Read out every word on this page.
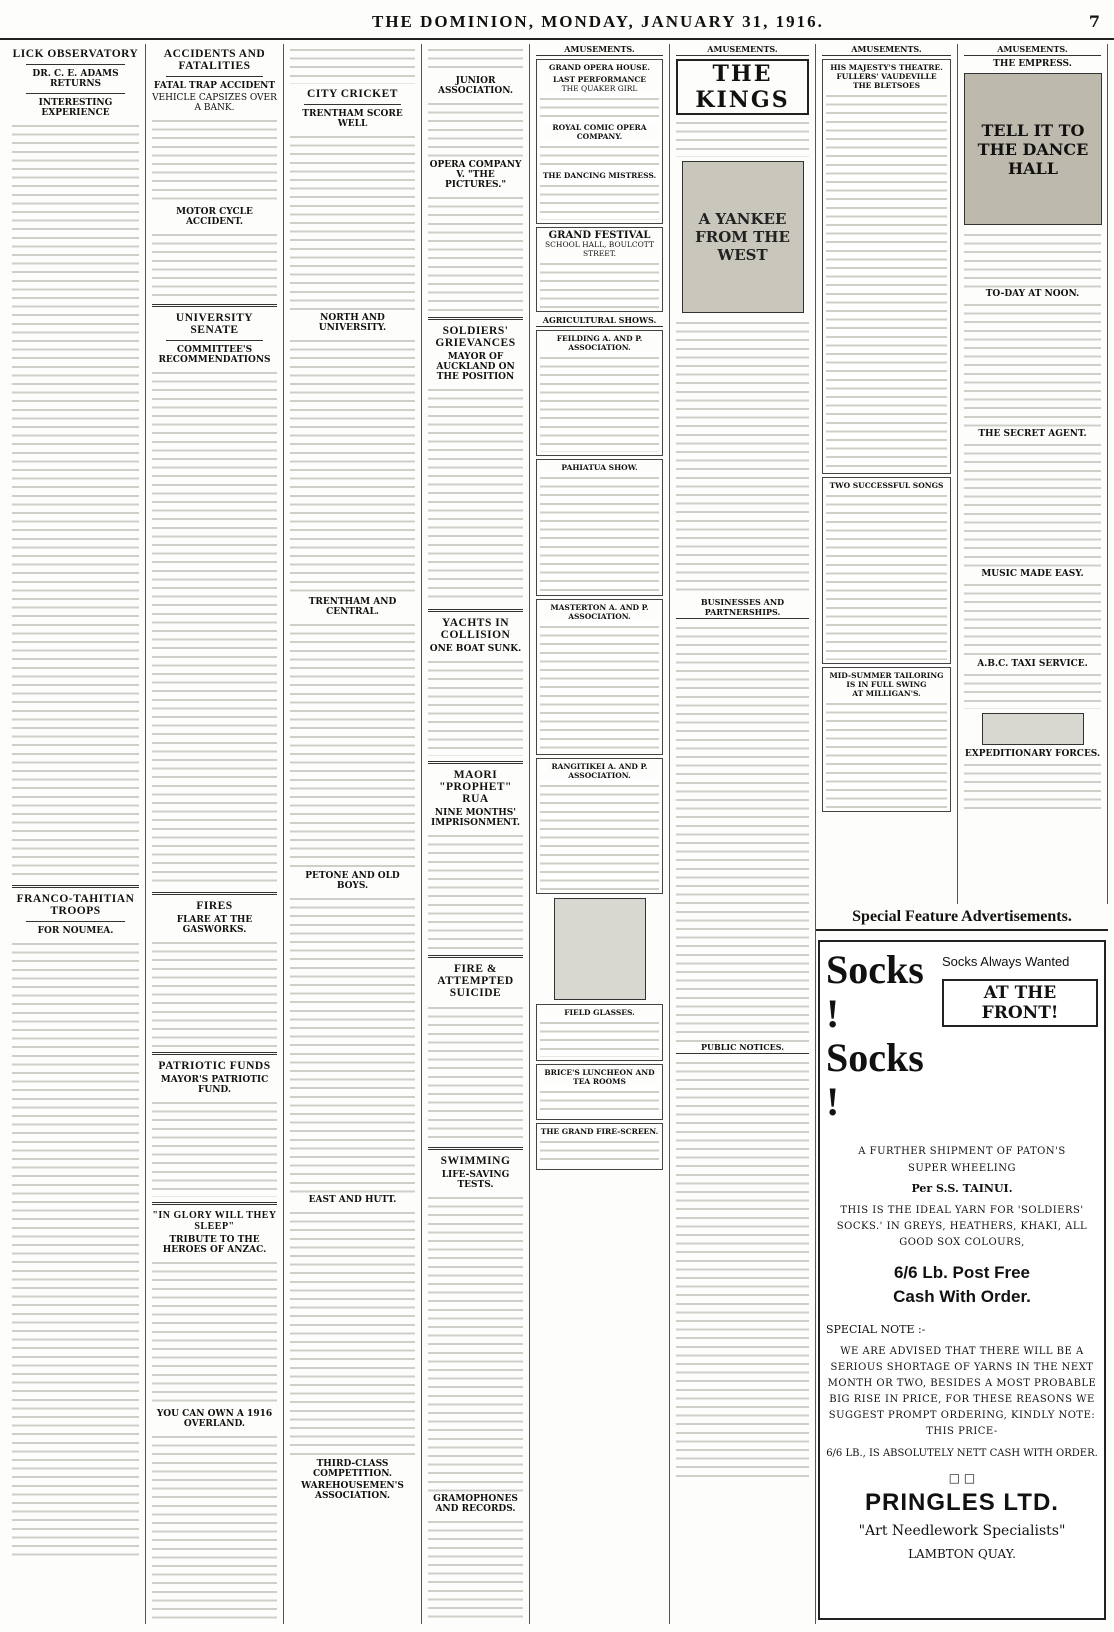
THE DOMINION, MONDAY, JANUARY 31, 1916.	7
LICK OBSERVATORY
DR. C. E. ADAMS RETURNS
INTERESTING EXPERIENCE
FRANCO-TAHITIAN TROOPS
FOR NOUMEA.
ACCIDENTS AND FATALITIES
FATAL TRAP ACCIDENT
VEHICLE CAPSIZES OVER A BANK.
MOTOR CYCLE ACCIDENT.
UNIVERSITY SENATE
COMMITTEE'S RECOMMENDATIONS
FIRES
FLARE AT THE GASWORKS.
PATRIOTIC FUNDS
MAYOR'S PATRIOTIC FUND.
"IN GLORY WILL THEY SLEEP"
TRIBUTE TO THE HEROES OF ANZAC.
YOU CAN OWN A 1916 OVERLAND.
CITY CRICKET
TRENTHAM SCORE WELL
NORTH AND UNIVERSITY.
TRENTHAM AND CENTRAL.
PETONE AND OLD BOYS.
EAST AND HUTT.
THIRD-CLASS COMPETITION.
WAREHOUSEMEN'S ASSOCIATION.
JUNIOR ASSOCIATION.
OPERA COMPANY V. "THE PICTURES."
SOLDIERS' GRIEVANCES
MAYOR OF AUCKLAND ON THE POSITION
YACHTS IN COLLISION
ONE BOAT SUNK.
MAORI "PROPHET" RUA
NINE MONTHS' IMPRISONMENT.
FIRE & ATTEMPTED SUICIDE
SWIMMING
LIFE-SAVING TESTS.
GRAMOPHONES AND RECORDS.
AMUSEMENTS.
GRAND OPERA HOUSE.
LAST PERFORMANCE
THE QUAKER GIRL
ROYAL COMIC OPERA COMPANY.
THE DANCING MISTRESS.
GRAND FESTIVAL
SCHOOL HALL, BOULCOTT STREET.
AGRICULTURAL SHOWS.
FEILDING A. AND P. ASSOCIATION.
PAHIATUA SHOW.
MASTERTON A. AND P. ASSOCIATION.
RANGITIKEI A. AND P. ASSOCIATION.
FIELD GLASSES.
BRICE'S LUNCHEON AND TEA ROOMS
THE GRAND FIRE-SCREEN.
AMUSEMENTS.
THE KINGS
A YANKEE FROM THE WEST
BUSINESSES AND PARTNERSHIPS.
PUBLIC NOTICES.
AMUSEMENTS.
HIS MAJESTY'S THEATRE.
FULLERS' VAUDEVILLE
THE BLETSOES
TWO SUCCESSFUL SONGS
MID-SUMMER TAILORING IS IN FULL SWING
AT MILLIGAN'S.
AMUSEMENTS.
THE EMPRESS.
TELL IT TO THE DANCE HALL
TO-DAY AT NOON.
THE SECRET AGENT.
MUSIC MADE EASY.
A.B.C. TAXI SERVICE.
EXPEDITIONARY FORCES.
Special Feature Advertisements.
Socks !
Socks !
Socks Always Wanted
AT THE FRONT!
A FURTHER SHIPMENT OF PATON'S
SUPER WHEELING
Per S.S. TAINUI.
THIS IS THE IDEAL YARN FOR 'SOLDIERS' SOCKS.' IN GREYS, HEATHERS, KHAKI, ALL GOOD SOX COLOURS,
6/6 Lb. Post Free
Cash With Order.
SPECIAL NOTE :-
WE ARE ADVISED THAT THERE WILL BE A SERIOUS SHORTAGE OF YARNS IN THE NEXT MONTH OR TWO, BESIDES A MOST PROBABLE BIG RISE IN PRICE, FOR THESE REASONS WE SUGGEST PROMPT ORDERING, KINDLY NOTE: THIS PRICE-
6/6 LB., IS ABSOLUTELY NETT CASH WITH ORDER.
□ □
PRINGLES LTD.
"Art Needlework Specialists"
LAMBTON QUAY.
